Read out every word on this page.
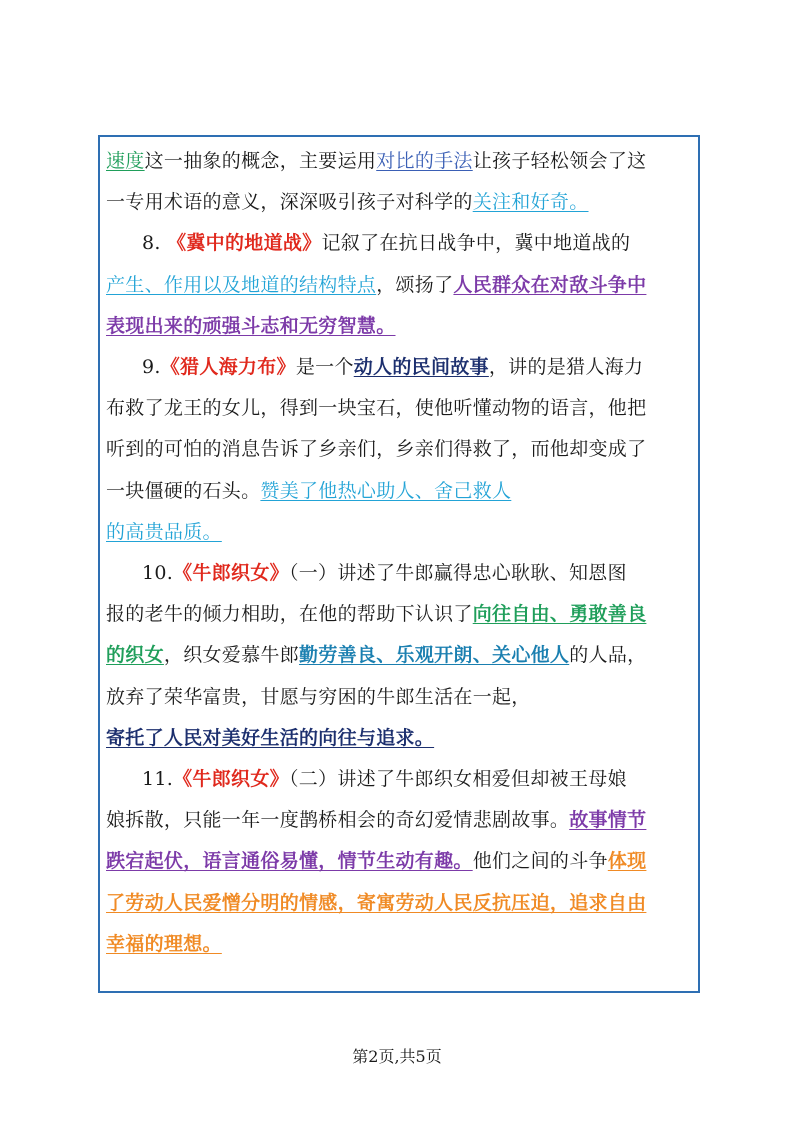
速度这一抽象的概念，主要运用对比的手法让孩子轻松领会了这
一专用术语的意义，深深吸引孩子对科学的关注和好奇。
8. 《冀中的地道战》记叙了在抗日战争中，冀中地道战的
产生、作用以及地道的结构特点，颂扬了人民群众在对敌斗争中
表现出来的顽强斗志和无穷智慧。
9.《猎人海力布》是一个动人的民间故事，讲的是猎人海力
布救了龙王的女儿，得到一块宝石，使他听懂动物的语言，他把
听到的可怕的消息告诉了乡亲们，乡亲们得救了，而他却变成了
一块僵硬的石头。赞美了他热心助人、舍己救人
的高贵品质。
10.《牛郎织女》（一）讲述了牛郎赢得忠心耿耿、知恩图
报的老牛的倾力相助，在他的帮助下认识了向往自由、勇敢善良
的织女，织女爱慕牛郎勤劳善良、乐观开朗、关心他人的人品，
放弃了荣华富贵，甘愿与穷困的牛郎生活在一起，
寄托了人民对美好生活的向往与追求。
11.《牛郎织女》（二）讲述了牛郎织女相爱但却被王母娘
娘拆散，只能一年一度鹊桥相会的奇幻爱情悲剧故事。故事情节
跌宕起伏，语言通俗易懂，情节生动有趣。他们之间的斗争体现
了劳动人民爱憎分明的情感，寄寓劳动人民反抗压迫，追求自由
幸福的理想。
第2页,共5页
